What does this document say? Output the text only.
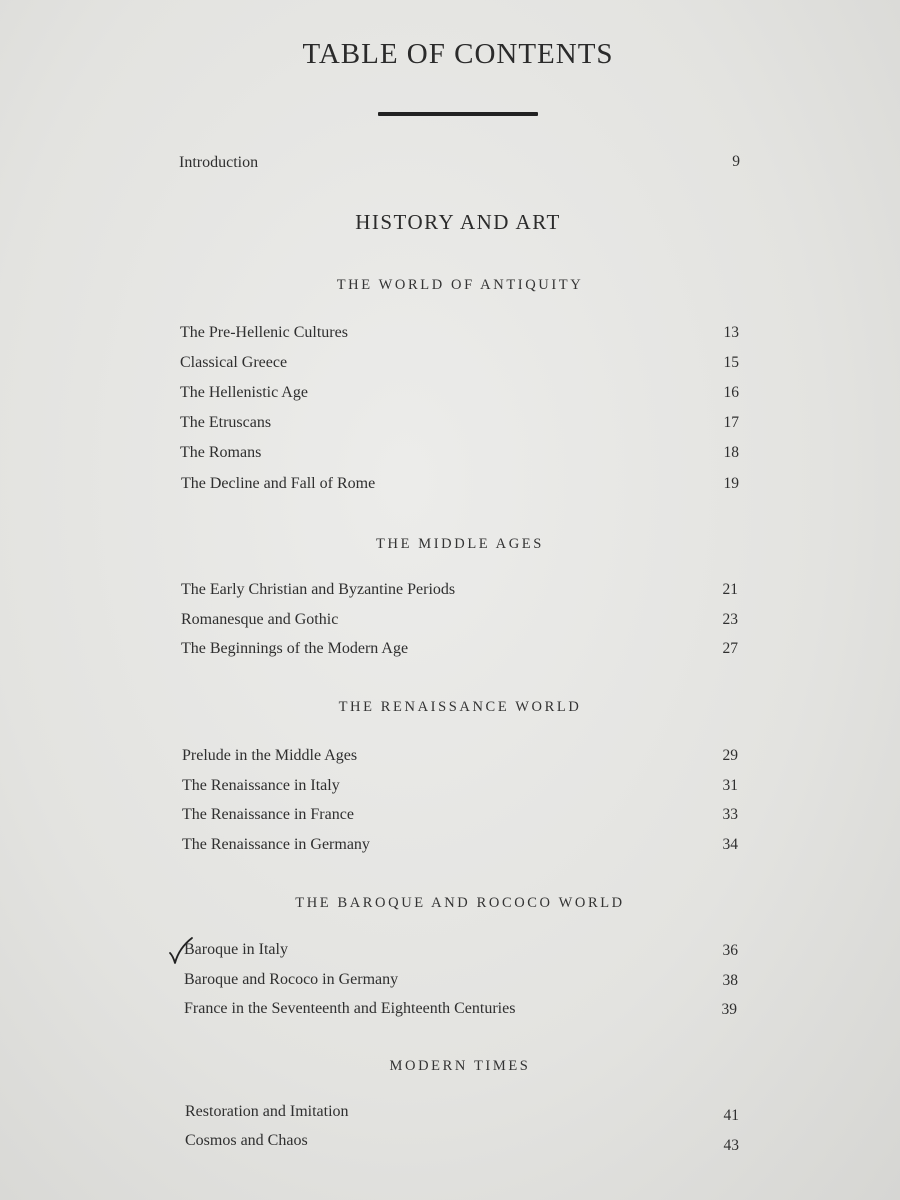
TABLE OF CONTENTS
Introduction	9
HISTORY AND ART
THE WORLD OF ANTIQUITY
The Pre-Hellenic Cultures	13
Classical Greece	15
The Hellenistic Age	16
The Etruscans	17
The Romans	18
The Decline and Fall of Rome	19
THE MIDDLE AGES
The Early Christian and Byzantine Periods	21
Romanesque and Gothic	23
The Beginnings of the Modern Age	27
THE RENAISSANCE WORLD
Prelude in the Middle Ages	29
The Renaissance in Italy	31
The Renaissance in France	33
The Renaissance in Germany	34
THE BAROQUE AND ROCOCO WORLD
Baroque in Italy	36
Baroque and Rococo in Germany	38
France in the Seventeenth and Eighteenth Centuries	39
MODERN TIMES
Restoration and Imitation	41
Cosmos and Chaos	43
